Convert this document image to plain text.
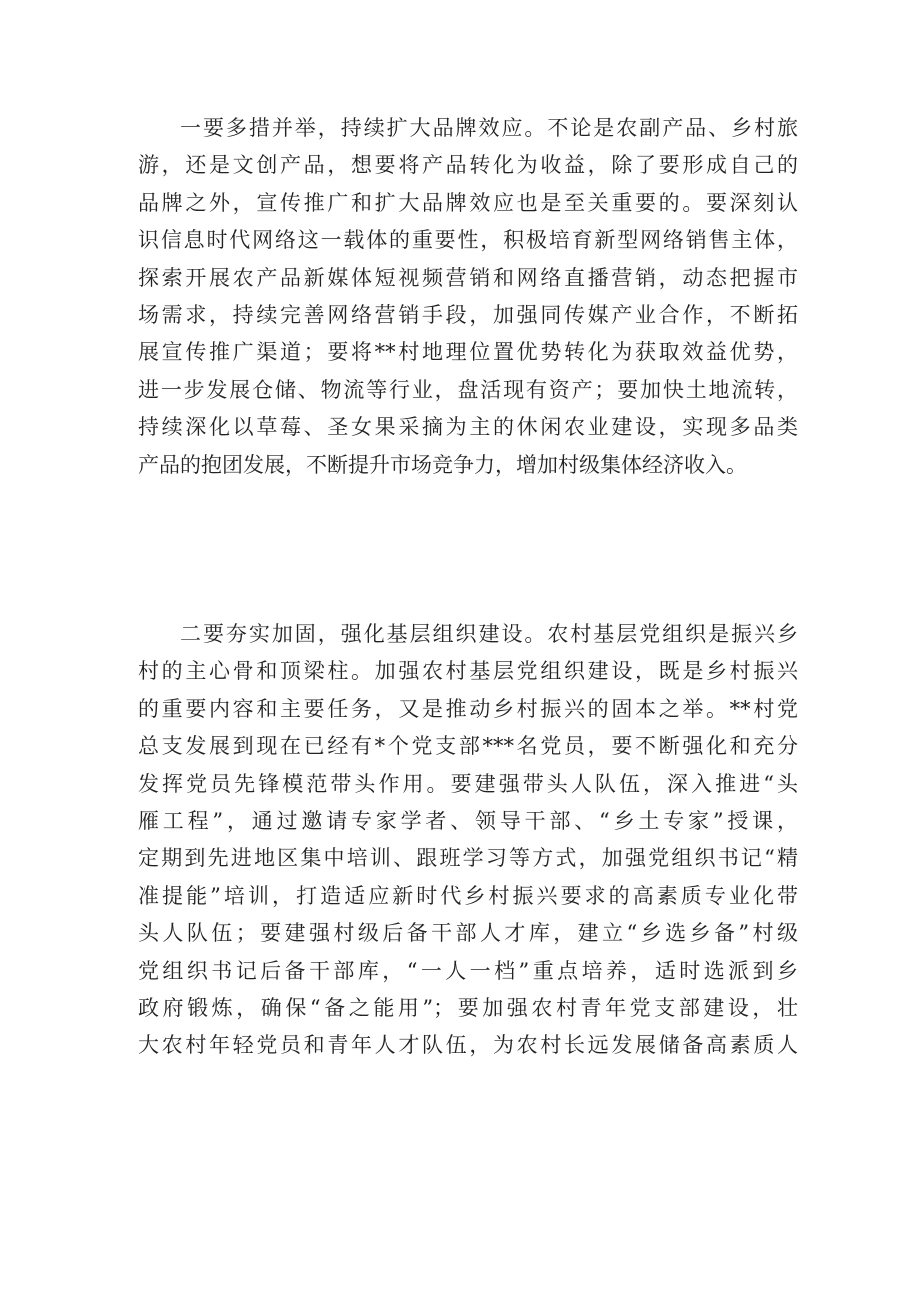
一要多措并举，持续扩大品牌效应。不论是农副产品、乡村旅
游，还是文创产品，想要将产品转化为收益，除了要形成自己的
品牌之外，宣传推广和扩大品牌效应也是至关重要的。要深刻认
识信息时代网络这一载体的重要性，积极培育新型网络销售主体，
探索开展农产品新媒体短视频营销和网络直播营销，动态把握市
场需求，持续完善网络营销手段，加强同传媒产业合作，不断拓
展宣传推广渠道；要将**村地理位置优势转化为获取效益优势，
进一步发展仓储、物流等行业，盘活现有资产；要加快土地流转，
持续深化以草莓、圣女果采摘为主的休闲农业建设，实现多品类
产品的抱团发展，不断提升市场竞争力，增加村级集体经济收入。
二要夯实加固，强化基层组织建设。农村基层党组织是振兴乡
村的主心骨和顶梁柱。加强农村基层党组织建设，既是乡村振兴
的重要内容和主要任务，又是推动乡村振兴的固本之举。**村党
总支发展到现在已经有*个党支部***名党员，要不断强化和充分
发挥党员先锋模范带头作用。要建强带头人队伍，深入推进“头
雁工程”，通过邀请专家学者、领导干部、“乡土专家”授课，
定期到先进地区集中培训、跟班学习等方式，加强党组织书记“精
准提能”培训，打造适应新时代乡村振兴要求的高素质专业化带
头人队伍；要建强村级后备干部人才库，建立“乡选乡备”村级
党组织书记后备干部库，“一人一档”重点培养，适时选派到乡
政府锻炼，确保“备之能用”；要加强农村青年党支部建设，壮
大农村年轻党员和青年人才队伍，为农村长远发展储备高素质人
